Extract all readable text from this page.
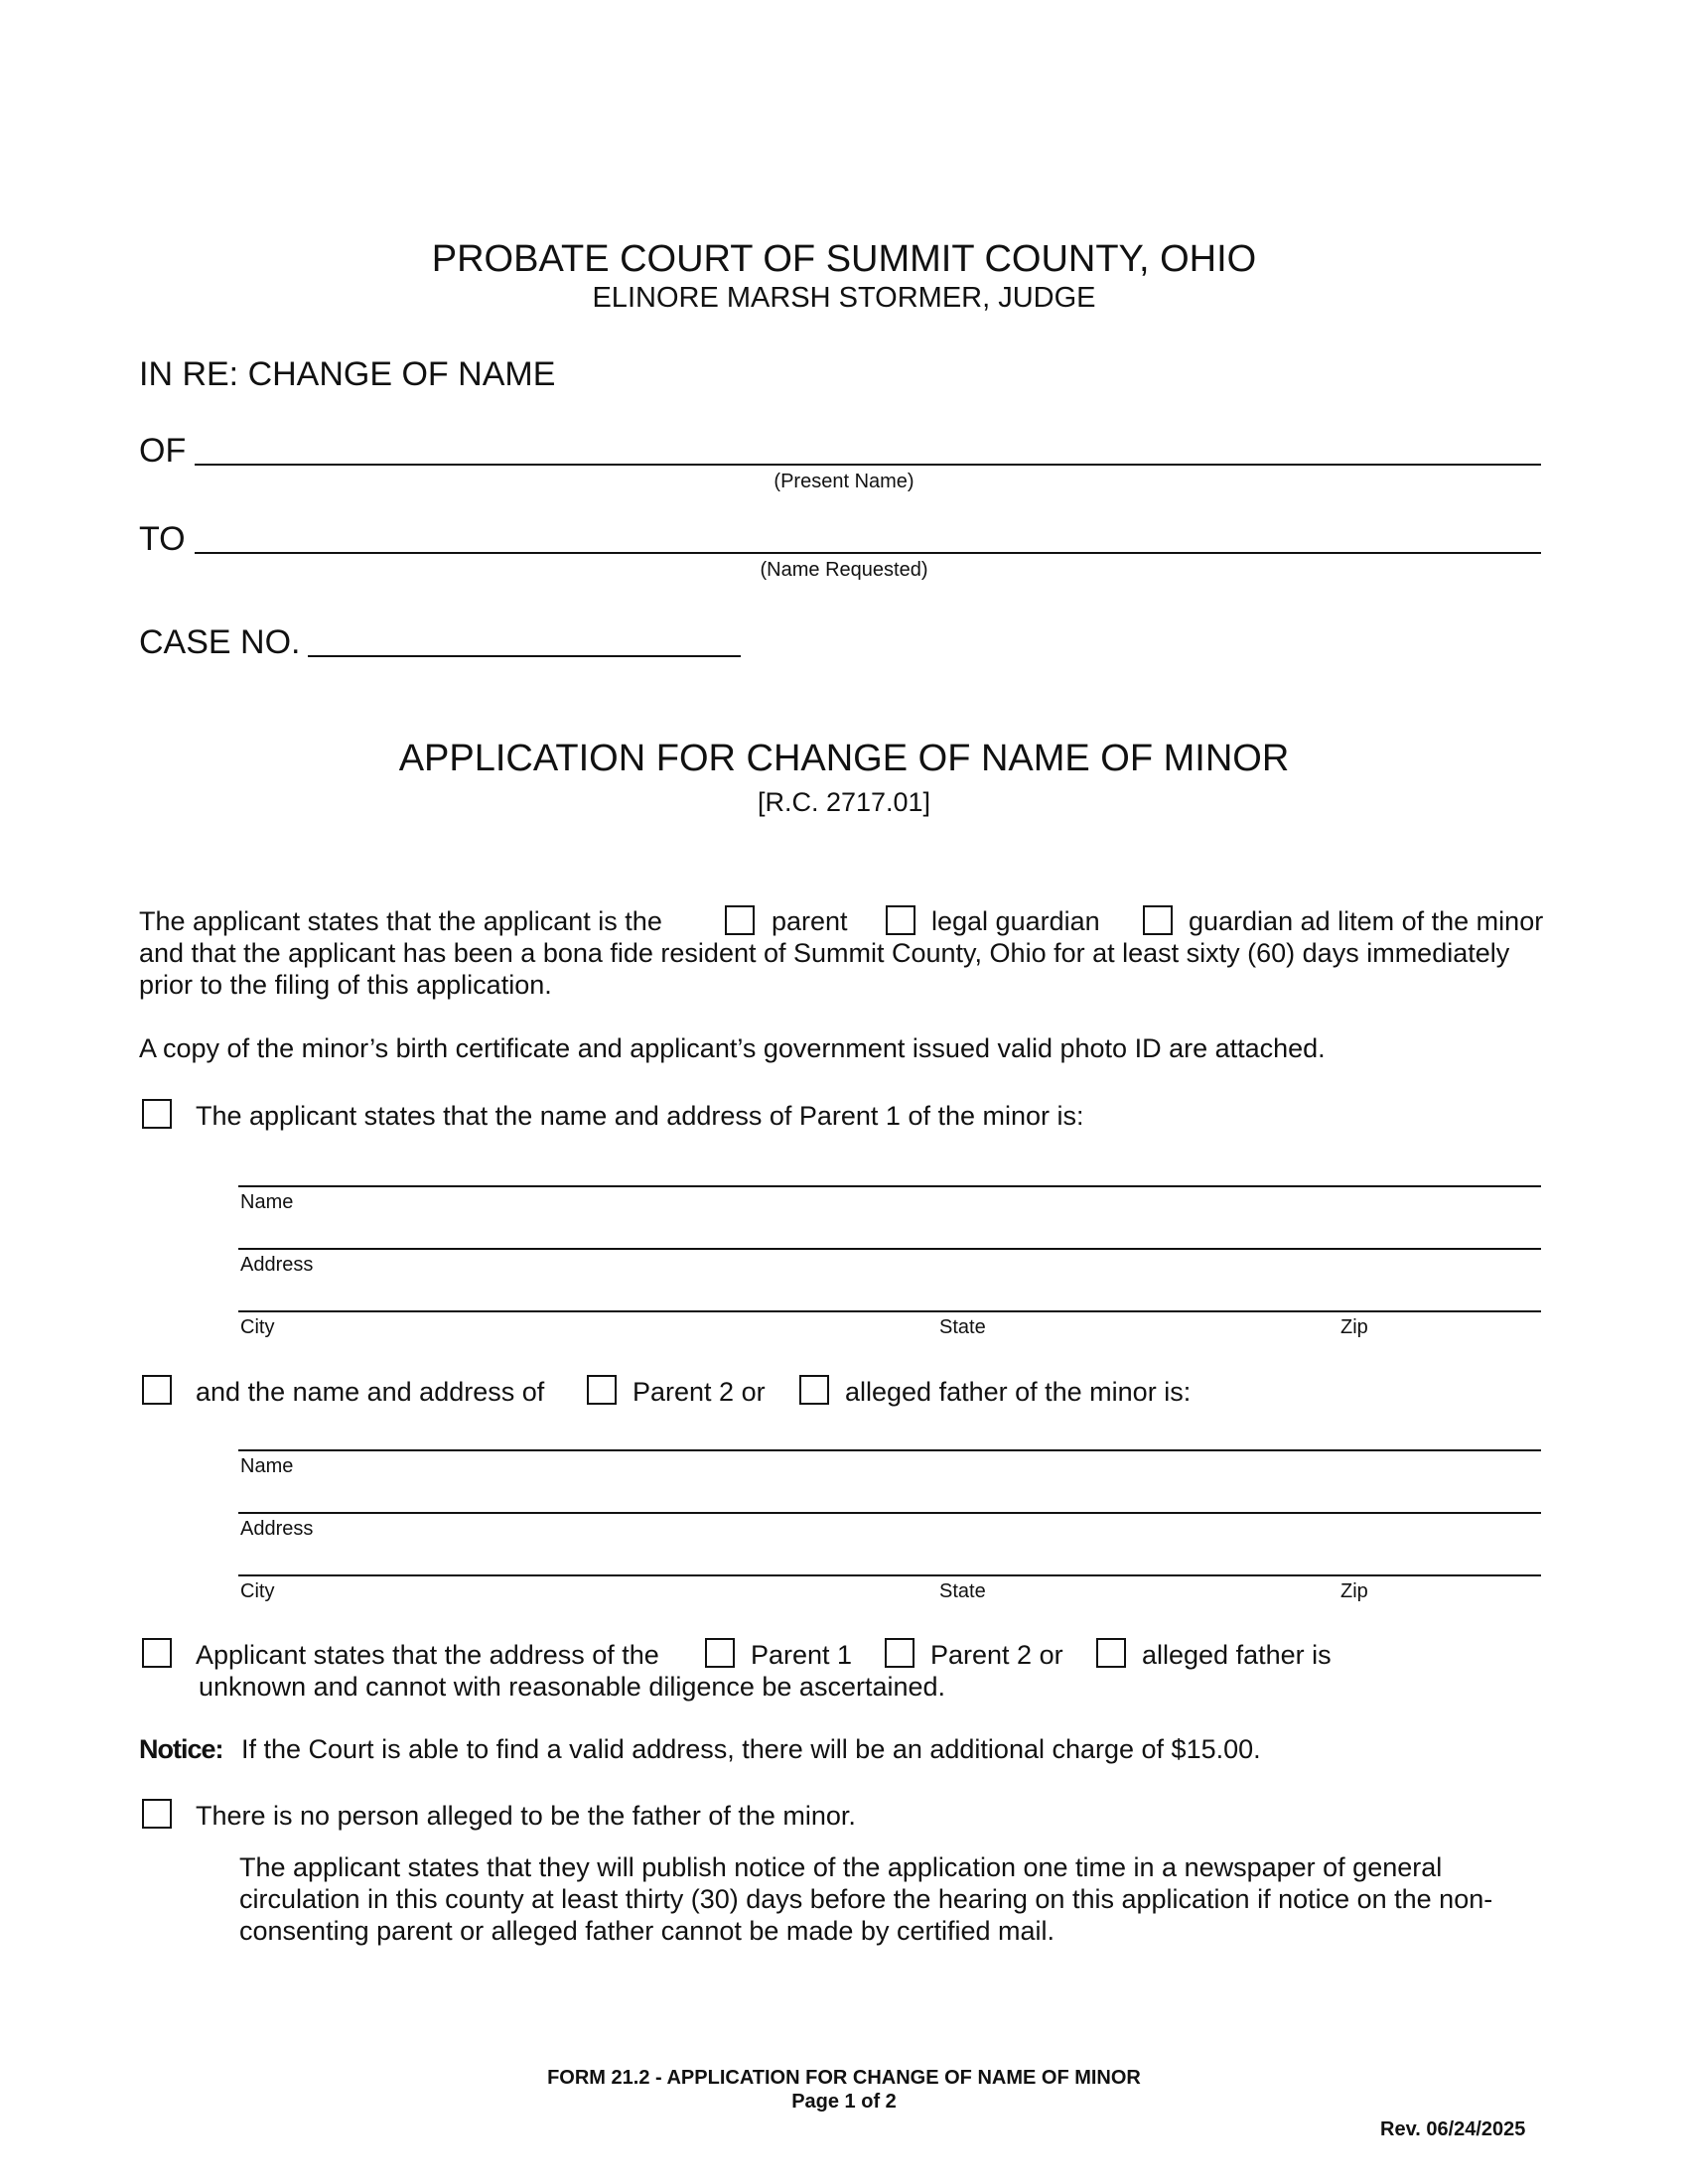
PROBATE COURT OF SUMMIT COUNTY, OHIO
ELINORE MARSH STORMER, JUDGE
IN RE: CHANGE OF NAME
OF
(Present Name)
TO
(Name Requested)
CASE NO.
APPLICATION FOR CHANGE OF NAME OF MINOR
[R.C. 2717.01]
The applicant states that the applicant is the	parent	legal guardian	guardian ad litem of the minor
and that the applicant has been a bona fide resident of Summit County, Ohio for at least sixty (60) days immediately
prior to the filing of this application.
A copy of the minor’s birth certificate and applicant’s government issued valid photo ID are attached.
The applicant states that the name and address of Parent 1 of the minor is:
Name
Address
City	State	Zip
and the name and address of	Parent 2 or	alleged father of the minor is:
Name
Address
City	State	Zip
Applicant states that the address of the	Parent 1	Parent 2 or	alleged father is
unknown and cannot with reasonable diligence be ascertained.
Notice: If the Court is able to find a valid address, there will be an additional charge of $15.00.
There is no person alleged to be the father of the minor.
The applicant states that they will publish notice of the application one time in a newspaper of general
circulation in this county at least thirty (30) days before the hearing on this application if notice on the non-
consenting parent or alleged father cannot be made by certified mail.
FORM 21.2 - APPLICATION FOR CHANGE OF NAME OF MINOR
Page 1 of 2
Rev. 06/24/2025
